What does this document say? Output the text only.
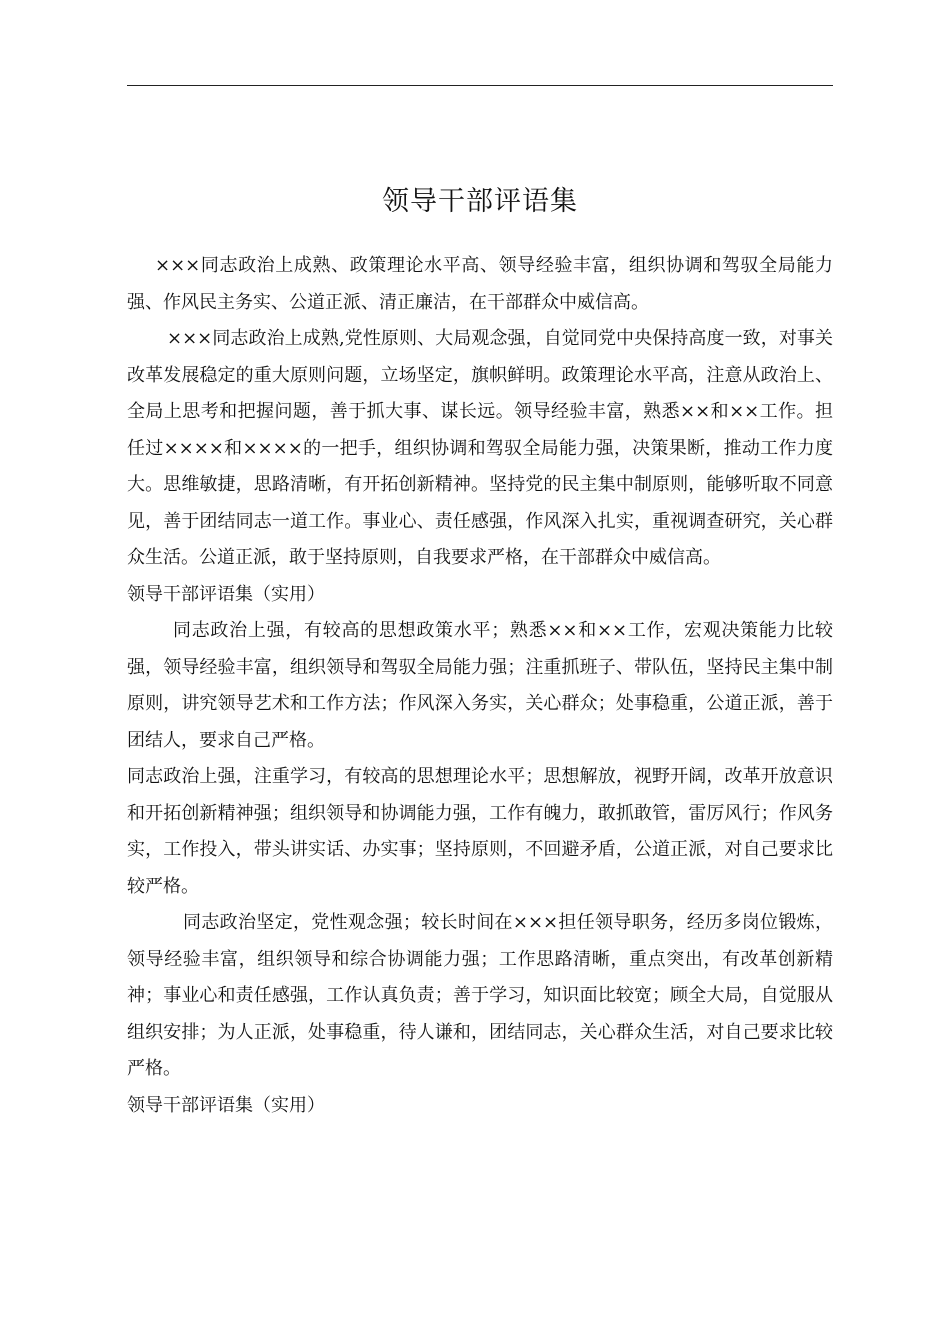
领导干部评语集

×××同志政治上成熟、政策理论水平高、领导经验丰富，组织协调和驾驭全局能力强、作风民主务实、公道正派、清正廉洁，在干部群众中威信高。

×××同志政治上成熟,党性原则、大局观念强，自觉同党中央保持高度一致，对事关改革发展稳定的重大原则问题，立场坚定，旗帜鲜明。政策理论水平高，注意从政治上、全局上思考和把握问题，善于抓大事、谋长远。领导经验丰富，熟悉××和××工作。担任过××××和××××的一把手，组织协调和驾驭全局能力强，决策果断，推动工作力度大。思维敏捷，思路清晰，有开拓创新精神。坚持党的民主集中制原则，能够听取不同意见，善于团结同志一道工作。事业心、责任感强，作风深入扎实，重视调查研究，关心群众生活。公道正派，敢于坚持原则，自我要求严格，在干部群众中威信高。

领导干部评语集（实用）

同志政治上强，有较高的思想政策水平；熟悉××和××工作，宏观决策能力比较强，领导经验丰富，组织领导和驾驭全局能力强；注重抓班子、带队伍，坚持民主集中制原则，讲究领导艺术和工作方法；作风深入务实，关心群众；处事稳重，公道正派，善于团结人，要求自己严格。

同志政治上强，注重学习，有较高的思想理论水平；思想解放，视野开阔，改革开放意识和开拓创新精神强；组织领导和协调能力强，工作有魄力，敢抓敢管，雷厉风行；作风务实，工作投入，带头讲实话、办实事；坚持原则，不回避矛盾，公道正派，对自己要求比较严格。

同志政治坚定，党性观念强；较长时间在×××担任领导职务，经历多岗位锻炼，领导经验丰富，组织领导和综合协调能力强；工作思路清晰，重点突出，有改革创新精神；事业心和责任感强，工作认真负责；善于学习，知识面比较宽；顾全大局，自觉服从组织安排；为人正派，处事稳重，待人谦和，团结同志，关心群众生活，对自己要求比较严格。

领导干部评语集（实用）
